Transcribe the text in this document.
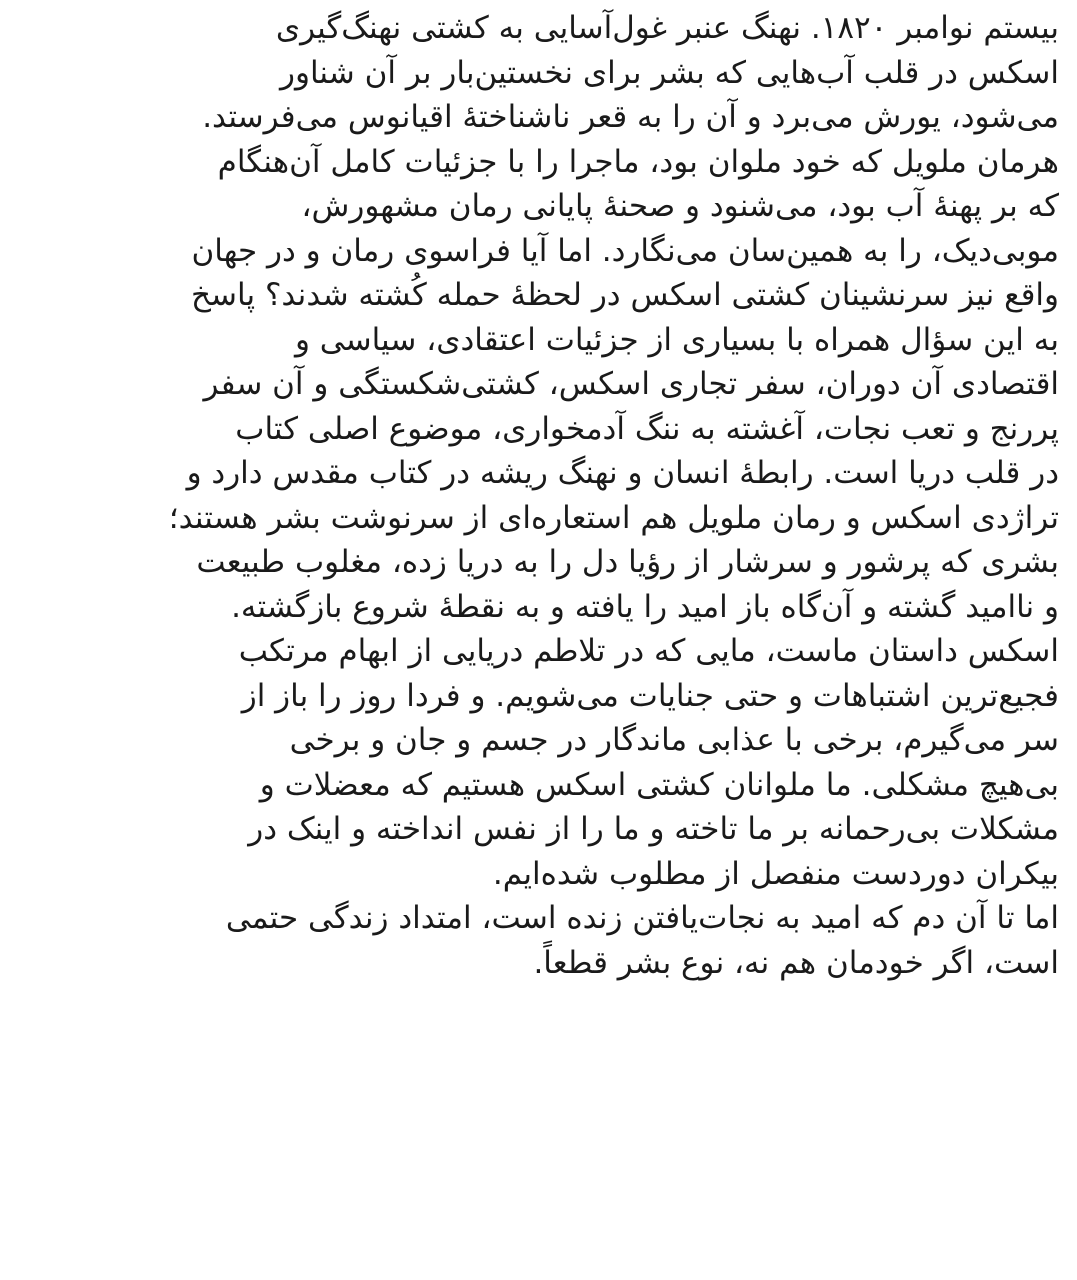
بیستم نوامبر ۱۸۲۰. نهنگ عنبر غول‌آسایی به کشتی نهنگ‌گیری
اسکس در قلب آب‌هایی که بشر برای نخستین‌بار بر آن شناور
می‌شود، یورش می‌برد و آن را به قعر ناشناختهٔ اقیانوس می‌فرستد.
هرمان ملویل که خود ملوان بود، ماجرا را با جزئیات کامل آن‌هنگام
که بر پهنهٔ آب بود، می‌شنود و صحنهٔ پایانی رمان مشهورش،
موبی‌دیک، را به همین‌سان می‌نگارد. اما آیا فراسوی رمان و در جهان
واقع نیز سرنشینان کشتی اسکس در لحظهٔ حمله کُشته شدند؟ پاسخ
به این سؤال همراه با بسیاری از جزئیات اعتقادی، سیاسی و
اقتصادی آن دوران، سفر تجاری اسکس، کشتی‌شکستگی و آن سفر
پررنج و تعب نجات، آغشته به ننگ آدمخواری، موضوع اصلی کتاب
در قلب دریا است. رابطهٔ انسان و نهنگ ریشه در کتاب مقدس دارد و
تراژدی اسکس و رمان ملویل هم استعاره‌ای از سرنوشت بشر هستند؛
بشری که پرشور و سرشار از رؤیا دل را به دریا زده، مغلوب طبیعت
و ناامید گشته و آن‌گاه باز امید را یافته و به نقطهٔ شروع بازگشته.
اسکس داستان ماست، مایی که در تلاطم دریایی از ابهام مرتکب
فجیع‌ترین اشتباهات و حتی جنایات می‌شویم. و فردا روز را باز از
سر می‌گیرم، برخی با عذابی ماندگار در جسم و جان و برخی
بی‌هیچ مشکلی. ما ملوانان کشتی اسکس هستیم که معضلات و
مشکلات بی‌رحمانه بر ما تاخته و ما را از نفس انداخته و اینک در
بیکران دوردست منفصل از مطلوب شده‌ایم.
اما تا آن دم که امید به نجات‌یافتن زنده است، امتداد زندگی حتمی
است، اگر خودمان هم نه، نوع بشر قطعاً.
